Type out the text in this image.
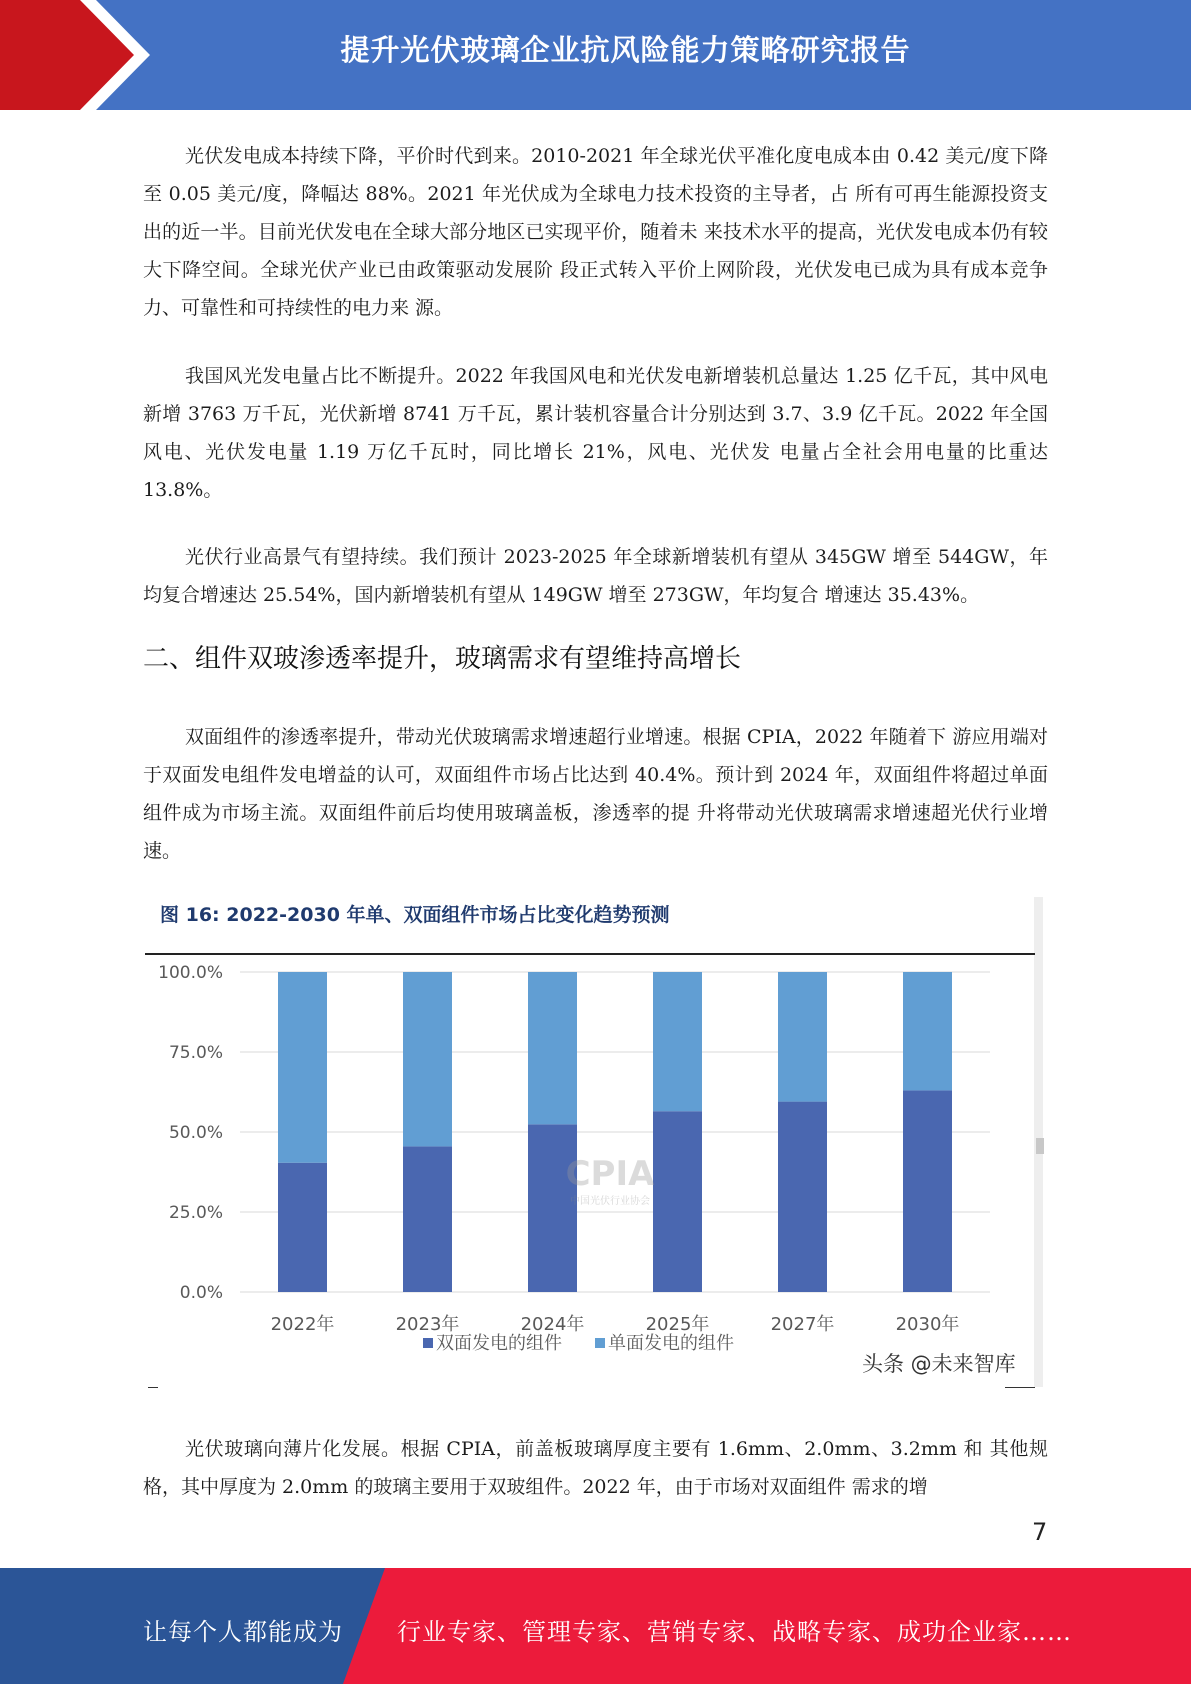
提升光伏玻璃企业抗风险能力策略研究报告

光伏发电成本持续下降，平价时代到来。2010-2021 年全球光伏平准化度电成本由 0.42 美元/度下降至 0.05 美元/度，降幅达 88%。2021 年光伏成为全球电力技术投资的主导者，占 所有可再生能源投资支出的近一半。目前光伏发电在全球大部分地区已实现平价，随着未 来技术水平的提高，光伏发电成本仍有较大下降空间。全球光伏产业已由政策驱动发展阶 段正式转入平价上网阶段，光伏发电已成为具有成本竞争力、可靠性和可持续性的电力来 源。

我国风光发电量占比不断提升。2022 年我国风电和光伏发电新增装机总量达 1.25 亿千瓦，其中风电新增 3763 万千瓦，光伏新增 8741 万千瓦，累计装机容量合计分别达到 3.7、3.9 亿千瓦。2022 年全国风电、光伏发电量 1.19 万亿千瓦时，同比增长 21%，风电、光伏发 电量占全社会用电量的比重达 13.8%。

光伏行业高景气有望持续。我们预计 2023-2025 年全球新增装机有望从 345GW 增至 544GW，年均复合增速达 25.54%，国内新增装机有望从 149GW 增至 273GW，年均复合 增速达 35.43%。

二、组件双玻渗透率提升，玻璃需求有望维持高增长

双面组件的渗透率提升，带动光伏玻璃需求增速超行业增速。根据 CPIA，2022 年随着下 游应用端对于双面发电组件发电增益的认可，双面组件市场占比达到 40.4%。预计到 2024 年，双面组件将超过单面组件成为市场主流。双面组件前后均使用玻璃盖板，渗透率的提 升将带动光伏玻璃需求增速超光伏行业增速。

图 16: 2022-2030 年单、双面组件市场占比变化趋势预测
0.0%
25.0%
50.0%
75.0%
100.0%
2022年	2023年	2024年	2025年	2027年	2030年
CPIA
中国光伏行业协会
双面发电的组件	单面发电的组件
头条 @未来智库

光伏玻璃向薄片化发展。根据 CPIA，前盖板玻璃厚度主要有 1.6mm、2.0mm、3.2mm 和 其他规格，其中厚度为 2.0mm 的玻璃主要用于双玻组件。2022 年，由于市场对双面组件 需求的增

7
让每个人都能成为 行业专家、管理专家、营销专家、战略专家、成功企业家……
